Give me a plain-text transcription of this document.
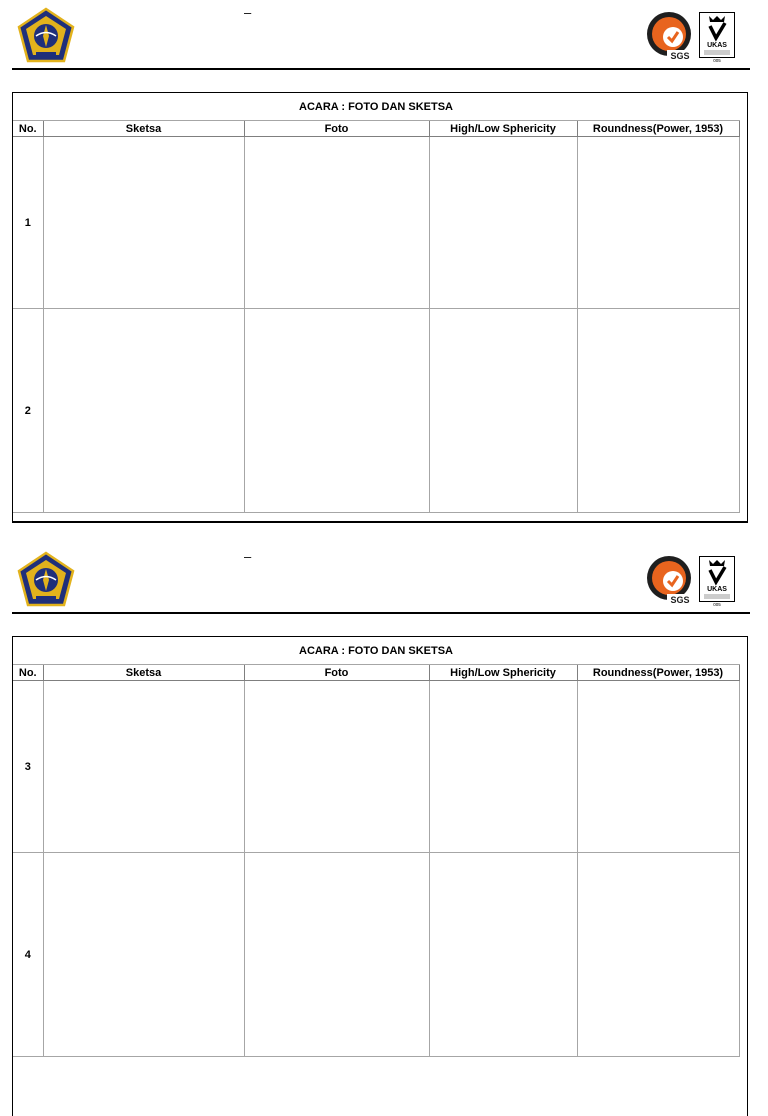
–
SGS
UKAS
005
ACARA : FOTO DAN SKETSA				
No.	Sketsa	Foto	High/Low Sphericity	Roundness(Power, 1953)
1				
2				
–
SGS
UKAS
005
ACARA : FOTO DAN SKETSA				
No.	Sketsa	Foto	High/Low Sphericity	Roundness(Power, 1953)
3				
4				
